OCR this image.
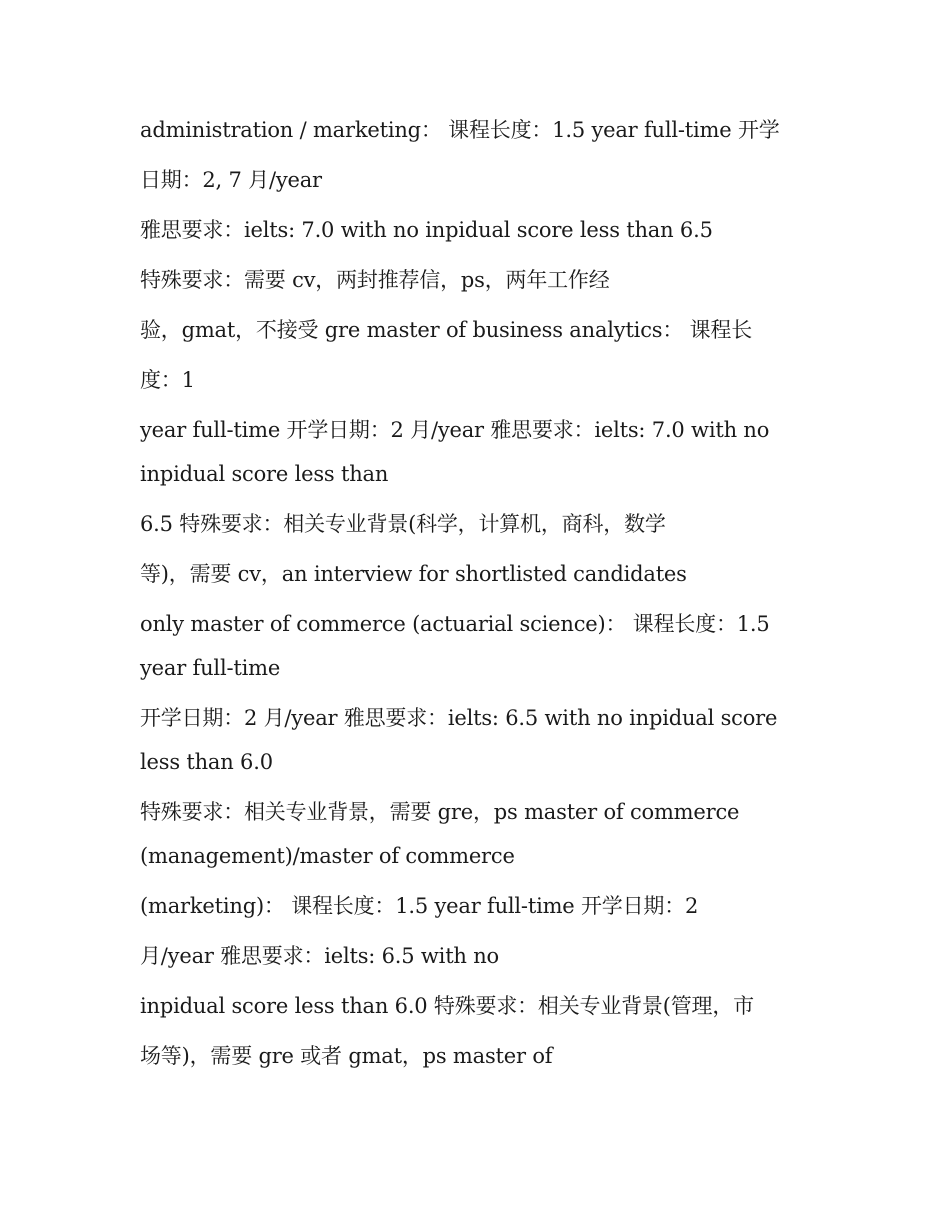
administration / marketing： 课程长度：1.5 year full-time 开学
日期：2, 7 月/year
雅思要求：ielts: 7.0 with no inpidual score less than 6.5
特殊要求：需要 cv，两封推荐信，ps，两年工作经
验，gmat，不接受 gre master of business analytics： 课程长
度：1
year full-time 开学日期：2 月/year 雅思要求：ielts: 7.0 with no
inpidual score less than
6.5 特殊要求：相关专业背景(科学，计算机，商科，数学
等)，需要 cv，an interview for shortlisted candidates
only master of commerce (actuarial science)： 课程长度：1.5
year full-time
开学日期：2 月/year 雅思要求：ielts: 6.5 with no inpidual score
less than 6.0
特殊要求：相关专业背景，需要 gre，ps master of commerce
(management)/master of commerce
(marketing)： 课程长度：1.5 year full-time 开学日期：2
月/year 雅思要求：ielts: 6.5 with no
inpidual score less than 6.0 特殊要求：相关专业背景(管理，市
场等)，需要 gre 或者 gmat，ps master of
